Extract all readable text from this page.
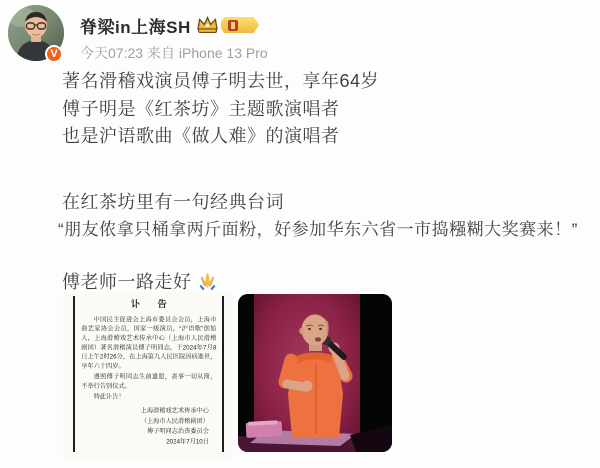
V
脊梁in上海SH
今天07:23 来自 iPhone 13 Pro
著名滑稽戏演员傅子明去世，享年64岁
傅子明是《红茶坊》主题歌演唱者
也是沪语歌曲《做人难》的演唱者
在红茶坊里有一句经典台词
“朋友侬拿只桶拿两斤面粉，好参加华东六省一市捣糨糊大奖赛来！”
傅老师一路走好
讣 告

中国民主促进会上海市委员会会员，上海市曲艺家协会会员，国家一级演员，“沪语歌”创始人，上海滑稽戏艺术传承中心（上海市人民滑稽剧团）著名滑稽演员傅子明同志，于2024年7月8日上午2时26分，在上海第九人民医院因病逝世，享年六十四岁。

遵照傅子明同志生前遗愿，丧事一切从简，不举行告别仪式。

特此讣告！

上海滑稽戏艺术传承中心
（上海市人民滑稽剧团）
傅子明同志治丧委员会
2024年7月10日
